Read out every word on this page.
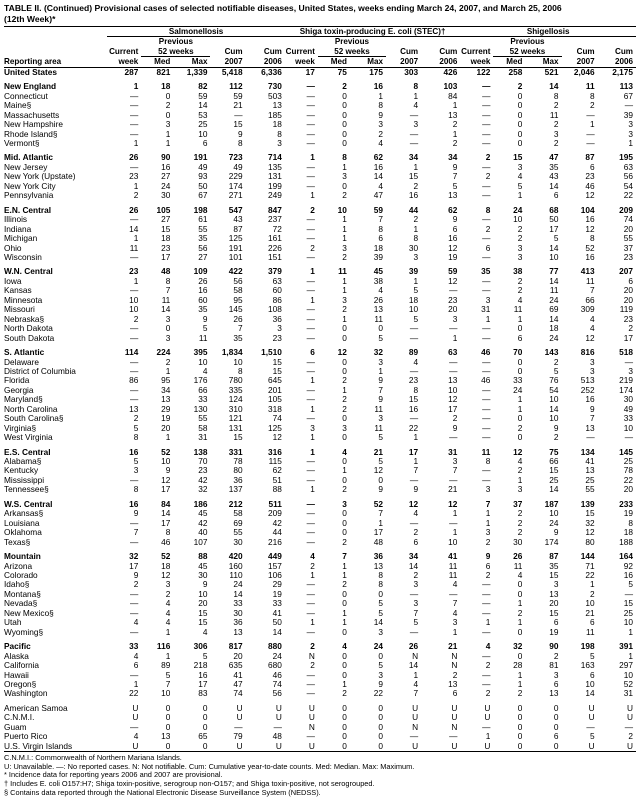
TABLE II. (Continued) Provisional cases of selected notifiable diseases, United States, weeks ending March 24, 2007, and March 25, 2006
(12th Week)*
	Salmonellosis					Shiga toxin-producing E. coli (STEC)†					Shigellosis				
		Previous					Previous					Previous			
	Current	52 weeks		Cum	Cum	Current	52 weeks		Cum	Cum	Current	52 weeks		Cum	Cum
Reporting area	week	Med	Max	2007	2006	week	Med	Max	2007	2006	week	Med	Max	2007	2006
United States	287	821	1,339	5,418	6,336	17	75	175	303	426	122	258	521	2,046	2,175

New England	1	18	82	112	730	—	2	16	8	103	—	2	14	11	113
Connecticut	—	0	59	59	503	—	0	1	1	84	—	0	8	8	67
Maine§	—	2	14	21	13	—	0	8	4	1	—	0	2	2	—
Massachusetts	—	0	53	—	185	—	0	9	—	13	—	0	11	—	39
New Hampshire	—	3	25	15	18	—	0	3	3	2	—	0	2	1	3
Rhode Island§	—	1	10	9	8	—	0	2	—	1	—	0	3	—	3
Vermont§	1	1	6	8	3	—	0	4	—	2	—	0	2	—	1

Mid. Atlantic	26	90	191	723	714	1	8	62	34	34	2	15	47	87	195
New Jersey	—	16	49	49	135	—	1	16	1	9	—	3	35	6	63
New York (Upstate)	23	27	93	229	131	—	3	14	15	7	2	4	43	23	56
New York City	1	24	50	174	199	—	0	4	2	5	—	5	14	46	54
Pennsylvania	2	30	67	271	249	1	2	47	16	13	—	1	6	12	22

E.N. Central	26	105	198	547	847	2	10	59	44	62	8	24	68	104	209
Illinois	—	27	61	43	237	—	1	7	2	9	—	10	50	16	74
Indiana	14	15	55	87	72	—	1	8	1	6	2	2	17	12	20
Michigan	1	18	35	125	161	—	1	6	8	16	—	2	5	8	55
Ohio	11	23	56	191	226	2	3	18	30	12	6	3	14	52	37
Wisconsin	—	17	27	101	151	—	2	39	3	19	—	3	10	16	23

W.N. Central	23	48	109	422	379	1	11	45	39	59	35	38	77	413	207
Iowa	1	8	26	56	63	—	1	38	1	12	—	2	14	11	6
Kansas	—	7	16	58	60	—	1	4	5	—	—	2	11	7	20
Minnesota	10	11	60	95	86	1	3	26	18	23	3	4	24	66	20
Missouri	10	14	35	145	108	—	2	13	10	20	31	11	69	309	119
Nebraska§	2	3	9	26	36	—	1	11	5	3	1	1	14	4	23
North Dakota	—	0	5	7	3	—	0	0	—	—	—	0	18	4	2
South Dakota	—	3	11	35	23	—	0	5	—	1	—	6	24	12	17

S. Atlantic	114	224	395	1,834	1,510	6	12	32	89	63	46	70	143	816	518
Delaware	—	2	10	10	15	—	0	3	4	—	—	0	2	3	—
District of Columbia	—	1	4	8	15	—	0	1	—	—	—	0	5	3	3
Florida	86	95	176	780	645	1	2	9	23	13	46	33	76	513	219
Georgia	—	34	66	335	201	—	1	7	8	10	—	24	54	252	174
Maryland§	—	13	33	124	105	—	2	9	15	12	—	1	10	16	30
North Carolina	13	29	130	310	318	1	2	11	16	17	—	1	14	9	49
South Carolina§	2	19	55	121	74	—	0	3	—	2	—	0	10	7	33
Virginia§	5	20	58	131	125	3	3	11	22	9	—	2	9	13	10
West Virginia	8	1	31	15	12	1	0	5	1	—	—	0	2	—	—

E.S. Central	16	52	138	331	316	1	4	21	17	31	11	12	75	134	145
Alabama§	5	10	70	78	115	—	0	5	1	3	8	4	66	41	25
Kentucky	3	9	23	80	62	—	1	12	7	7	—	2	15	13	78
Mississippi	—	12	42	36	51	—	0	0	—	—	—	1	25	25	22
Tennessee§	8	17	32	137	88	1	2	9	9	21	3	3	14	55	20

W.S. Central	16	84	186	212	511	—	3	52	12	12	7	37	187	139	233
Arkansas§	9	14	45	58	209	—	0	7	4	1	1	2	10	15	19
Louisiana	—	17	42	69	42	—	0	1	—	—	1	2	24	32	8
Oklahoma	7	8	40	55	44	—	0	17	2	1	3	2	9	12	18
Texas§	—	46	107	30	216	—	2	48	6	10	2	30	174	80	188

Mountain	32	52	88	420	449	4	7	36	34	41	9	26	87	144	164
Arizona	17	18	45	160	157	2	1	13	14	11	6	11	35	71	92
Colorado	9	12	30	110	106	1	1	8	2	11	2	4	15	22	16
Idaho§	2	3	9	24	29	—	2	8	3	4	—	0	3	1	5
Montana§	—	2	10	14	19	—	0	0	—	—	—	0	13	2	—
Nevada§	—	4	20	33	33	—	0	5	3	7	—	1	20	10	15
New Mexico§	—	4	15	30	41	—	1	5	7	4	—	2	15	21	25
Utah	4	4	15	36	50	1	1	14	5	3	1	1	6	6	10
Wyoming§	—	1	4	13	14	—	0	3	—	1	—	0	19	11	1

Pacific	33	116	306	817	880	2	4	24	26	21	4	32	90	198	391
Alaska	4	1	5	20	24	N	0	0	N	N	—	0	2	5	1
California	6	89	218	635	680	2	0	5	14	N	2	28	81	163	297
Hawaii	—	5	16	41	46	—	0	3	1	2	—	1	3	6	10
Oregon§	1	7	17	47	74	—	1	9	4	13	—	1	6	10	52
Washington	22	10	83	74	56	—	2	22	7	6	2	2	13	14	31

American Samoa	U	0	0	U	U	U	0	0	U	U	U	0	0	U	U
C.N.M.I.	U	0	0	U	U	U	0	0	U	U	U	0	0	U	U
Guam	—	0	0	—	—	N	0	0	N	N	—	0	0	—	—
Puerto Rico	4	13	65	79	48	—	0	0	—	—	1	0	6	5	2
U.S. Virgin Islands	U	0	0	U	U	U	0	0	U	U	U	0	0	U	U
C.N.M.I.: Commonwealth of Northern Mariana Islands.
U: Unavailable. —: No reported cases. N: Not notifiable. Cum: Cumulative year-to-date counts. Med: Median. Max: Maximum.
* Incidence data for reporting years 2006 and 2007 are provisional.
† Includes E. coli O157:H7; Shiga toxin-positive, serogroup non-O157; and Shiga toxin-positive, not serogrouped.
§ Contains data reported through the National Electronic Disease Surveillance System (NEDSS).
